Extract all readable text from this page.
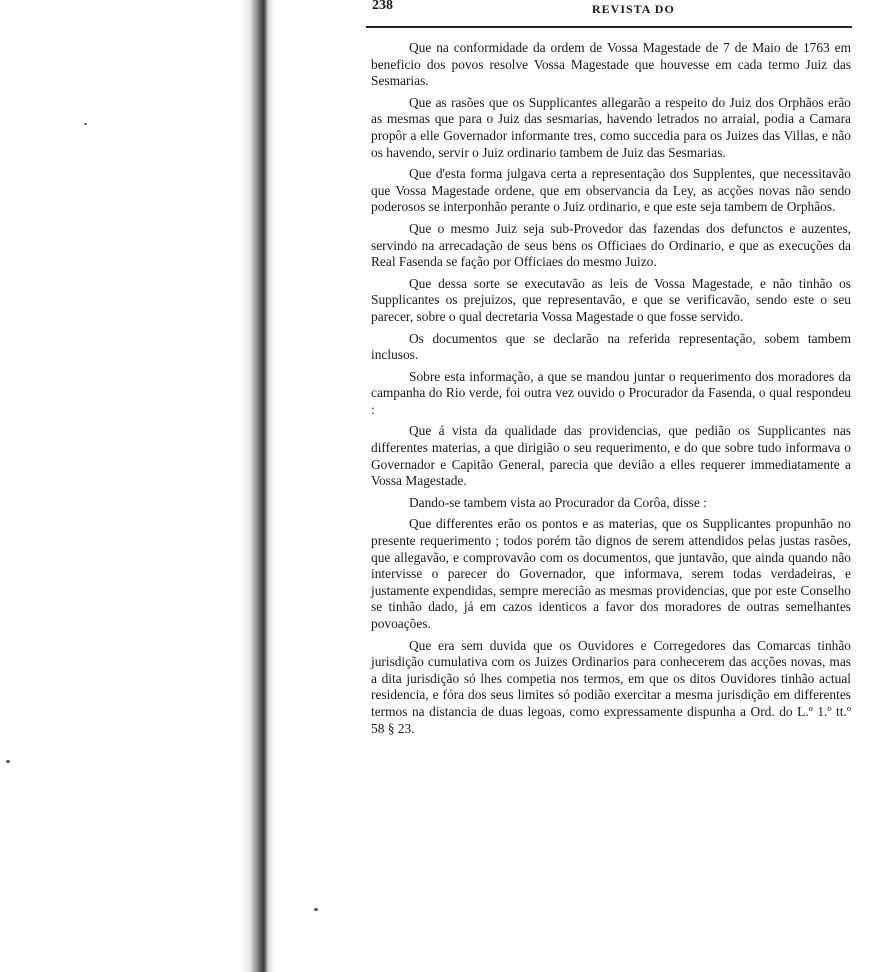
238	REVISTA DO

Que na conformidade da ordem de Vossa Magestade de 7 de Maio de 1763 em beneficio dos povos resolve Vossa Magestade que houvesse em cada termo Juiz das Sesmarias.

Que as rasões que os Supplicantes allegarão a respeito do Juiz dos Orphãos erão as mesmas que para o Juiz das sesmarias, havendo letrados no arraial, podia a Camara propôr a elle Governador informante tres, como succedia para os Juizes das Villas, e não os havendo, servir o Juiz ordinario tambem de Juiz das Sesmarias.

Que d'esta forma julgava certa a representação dos Supplentes, que necessitavão que Vossa Magestade ordene, que em observancia da Ley, as acções novas não sendo poderosos se interponhão perante o Juiz ordinario, e que este seja tambem de Orphãos.

Que o mesmo Juiz seja sub-Provedor das fazendas dos defunctos e auzentes, servindo na arrecadação de seus bens os Officiaes do Ordinario, e que as execuções da Real Fasenda se fação por Officiaes do mesmo Juizo.

Que dessa sorte se executavão as leis de Vossa Magestade, e não tinhão os Supplicantes os prejuizos, que representavão, e que se verificavão, sendo este o seu parecer, sobre o qual decretaria Vossa Magestade o que fosse servido.

Os documentos que se declarão na referida representação, sobem tambem inclusos.

Sobre esta informação, a que se mandou juntar o requerimento dos moradores da campanha do Rio verde, foi outra vez ouvido o Procurador da Fasenda, o qual respondeu :

Que á vista da qualidade das providencias, que pedião os Supplicantes nas differentes materias, a que dirigião o seu requerimento, e do que sobre tudo informava o Governador e Capitão General, parecia que devião a elles requerer immediatamente a Vossa Magestade.

Dando-se tambem vista ao Procurador da Corôa, disse :

Que differentes erão os pontos e as materias, que os Supplicantes propunhão no presente requerimento ; todos porém tão dignos de serem attendidos pelas justas rasões, que allegavão, e comprovavão com os documentos, que juntavão, que ainda quando não intervisse o parecer do Governador, que informava, serem todas verdadeiras, e justamente expendidas, sempre merecião as mesmas providencias, que por este Conselho se tinhão dado, já em cazos identicos a favor dos moradores de outras semelhantes povoações.

Que era sem duvida que os Ouvidores e Corregedores das Comarcas tinhão jurisdição cumulativa com os Juizes Ordinarios para conhecerem das acções novas, mas a dita jurisdição só lhes competia nos termos, em que os ditos Ouvidores tinhão actual residencia, e fóra dos seus limites só podião exercitar a mesma jurisdição em differentes termos na distancia de duas legoas, como expressamente dispunha a Ord. do L.º 1.º tt.º 58 § 23.
